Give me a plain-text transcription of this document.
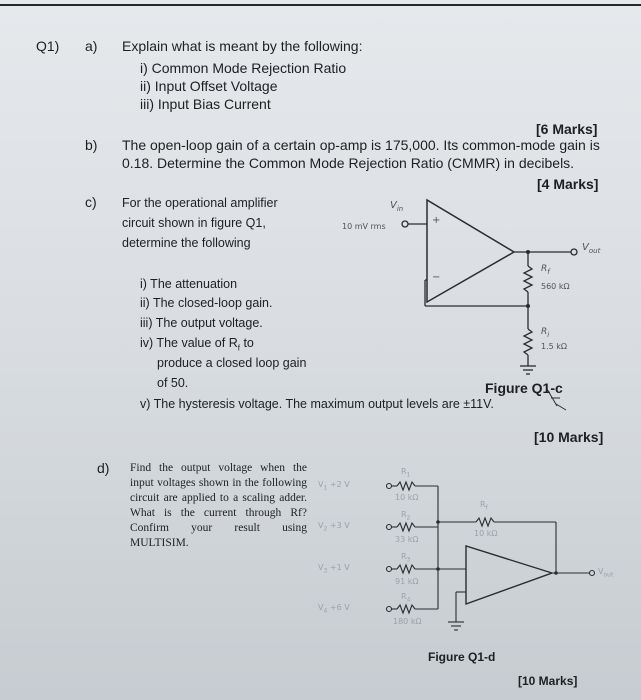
Q1) a) Explain what is meant by the following:
i) Common Mode Rejection Ratio
ii) Input Offset Voltage
iii) Input Bias Current
[6 Marks]
b) The open-loop gain of a certain op-amp is 175,000. Its common-mode gain is
0.18. Determine the Common Mode Rejection Ratio (CMMR) in decibels.
[4 Marks]
c) For the operational amplifier
circuit shown in figure Q1,
determine the following
i) The attenuation
ii) The closed-loop gain.
iii) The output voltage.
iv) The value of $R_f$ to
produce a closed loop gain
of 50.
v) The hysteresis voltage. The maximum output levels are ±11V.
Figure Q1-c
[10 Marks]
$V_{in}$
10 mV rms
+
−
$V_{out}$
$R_f$
560 kΩ
$R_i$
1.5 kΩ
d) Find the output voltage when the input voltages shown in the following circuit are applied to a scaling adder. What is the current through Rf? Confirm your result using MULTISIM.
Figure Q1-d
[10 Marks]
$V_1 +2$ V
$V_2 +3$ V
$V_3 +1$ V
$V_4 +6$ V
$R_1$
10 kΩ
$R_2$
33 kΩ
$R_3$
91 kΩ
$R_4$
180 kΩ
$R_f$
10 kΩ
$V_{out}$
